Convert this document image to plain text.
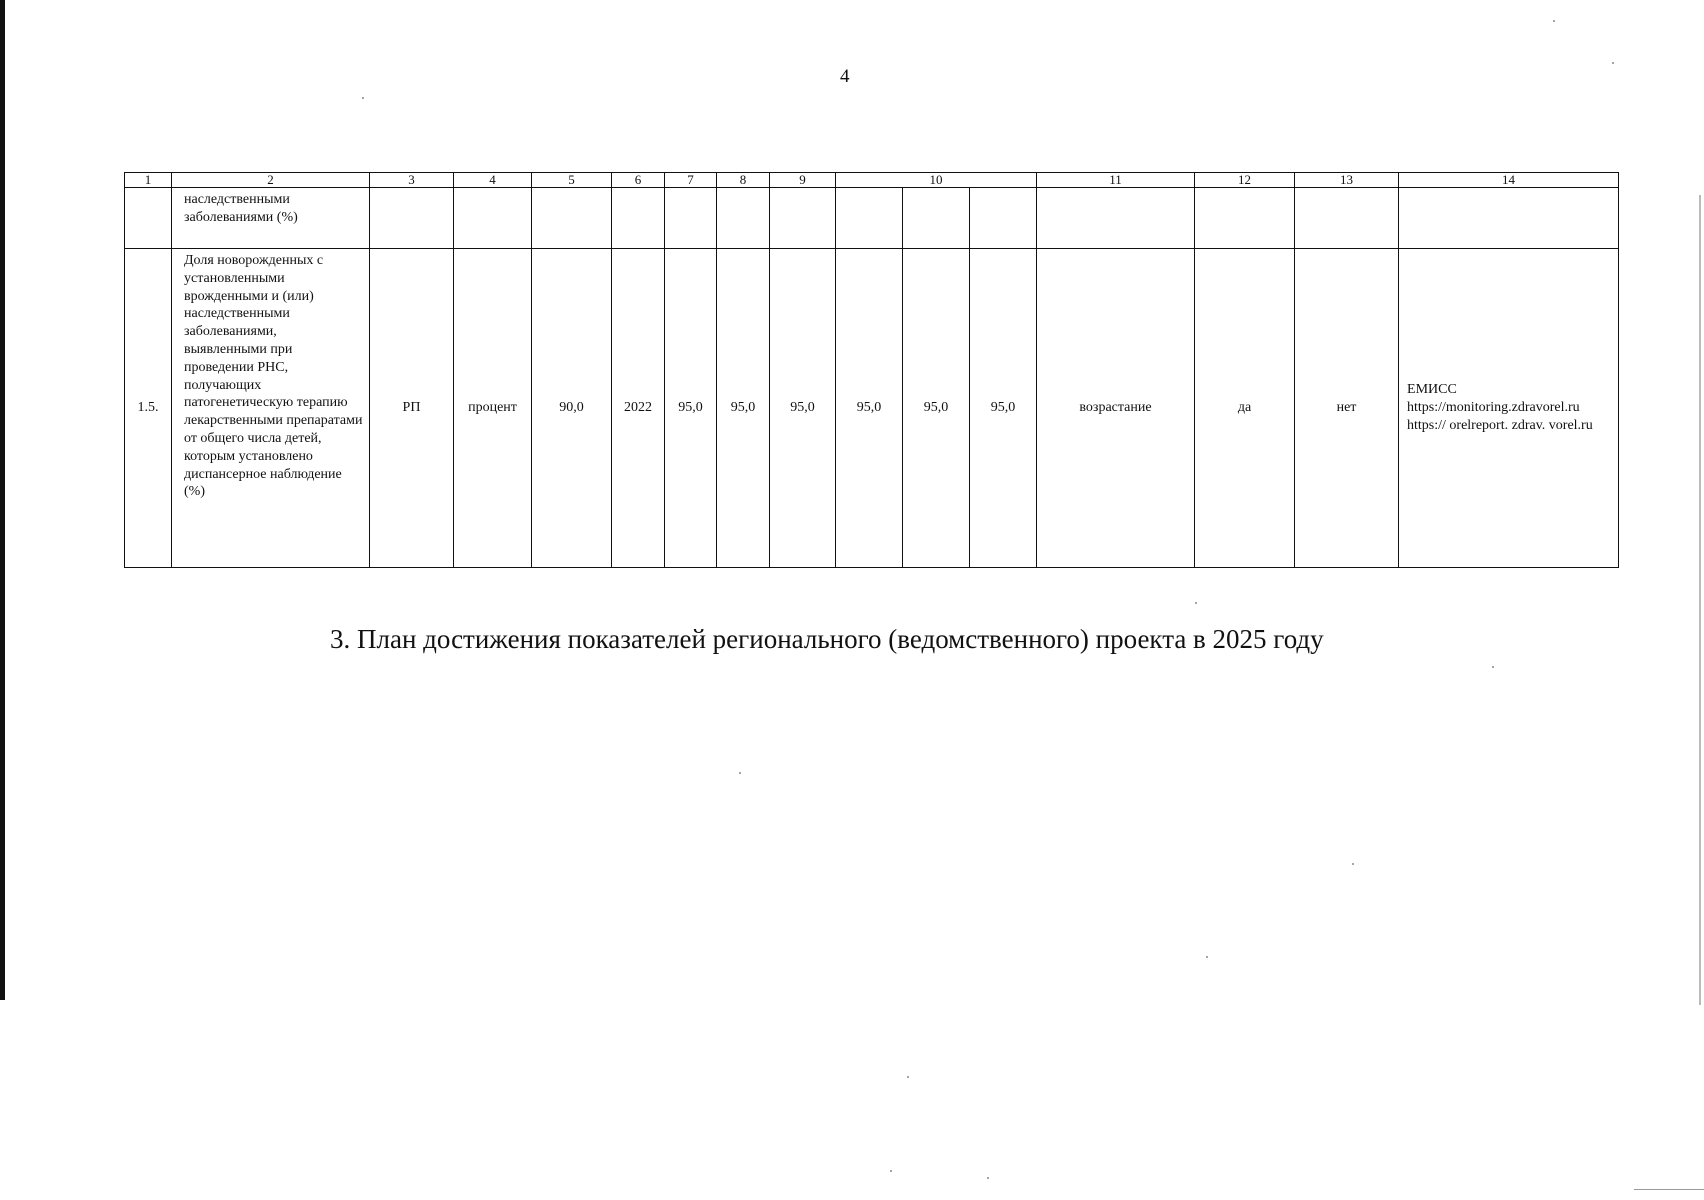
4
1	2	3	4	5	6	7	8	9	10			11	12	13	14
	наследственными заболеваниями (%)														
1.5.	Доля новорожденных с установленными врожденными и (или) наследственными заболеваниями, выявленными при проведении РНС, получающих патогенетическую терапию лекарственными препаратами от общего числа детей, которым установлено диспансерное наблюдение (%)	РП	процент	90,0	2022	95,0	95,0	95,0	95,0	95,0	95,0	возрастание	да	нет	ЕМИСС https://monitoring.zdravorel.ru https:// orelreport. zdrav. vorel.ru
3. План достижения показателей регионального (ведомственного) проекта в 2025 году
